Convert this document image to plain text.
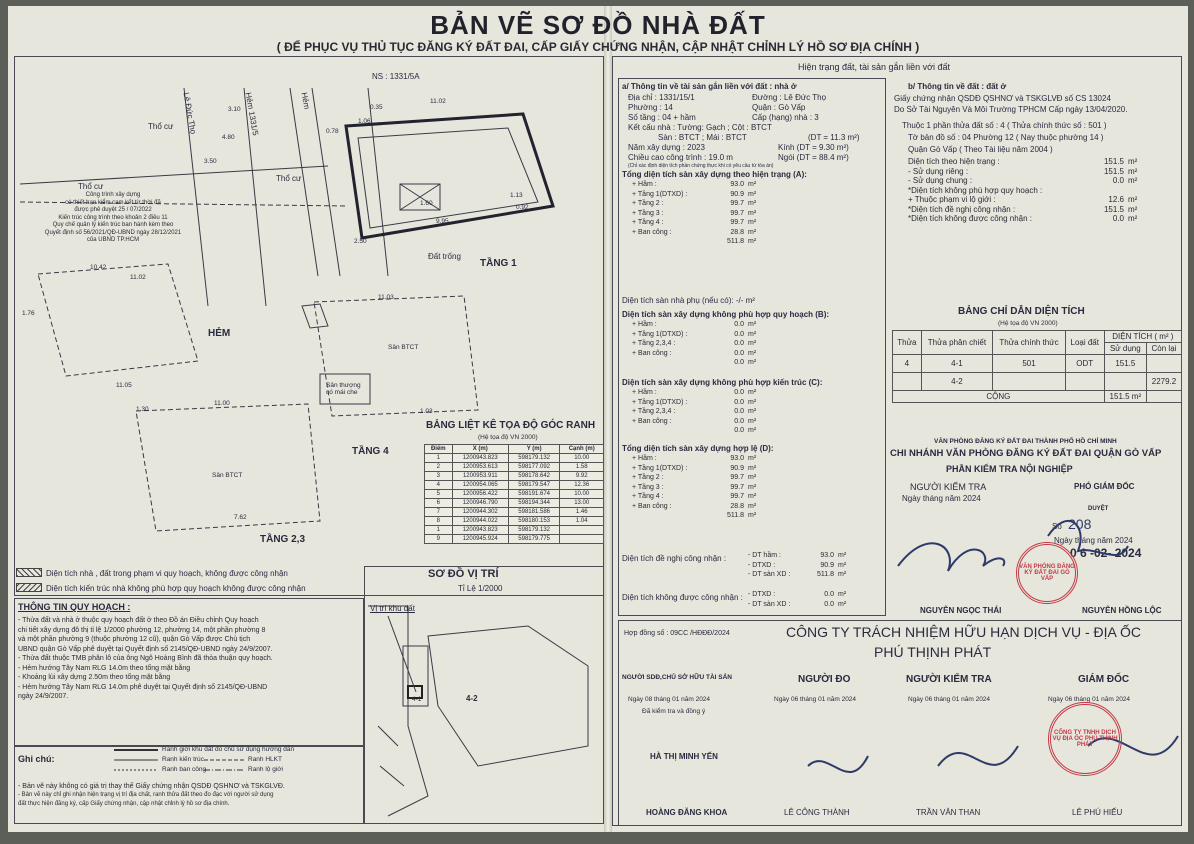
BẢN VẼ SƠ ĐỒ NHÀ ĐẤT
( ĐỂ PHỤC VỤ THỦ TỤC ĐĂNG KÝ ĐẤT ĐAI, CẤP GIẤY CHỨNG NHẬN, CẬP NHẬT CHỈNH LÝ HỒ SƠ ĐỊA CHÍNH )
NS : 1331/5A
Lê Đức Thọ	Hẻm 1331/5	Hẻm
Thổ cư
Thổ cư
Thổ cư
HẺM
Đất trống
TẦNG 1
TẦNG 4
TẦNG 2,3
Sân BTCT
Sân BTCT
Sân thượng
có mái che
Công trình xây dựng
có thiết hạn kiểm cam kết từ thời đã
được phê duyệt 25 / 07/2022
Kiến trúc công trình theo khoản 2 điều 11
Quy chế quản lý kiến trúc ban hành kèm theo
Quyết định số 56/2021/QĐ-UBND ngày 28/12/2021
của UBND TP.HCM
11.02
0.35
1.06
0.78
9.95
1.13
0.92
10.42
11.03
11.05
3.50
7.62
1.76
2.50
4.80
3.10
1.30	1.03
11.00
11.02
1.60
BẢNG LIỆT KÊ TỌA ĐỘ GÓC RANH
(Hệ tọa độ VN 2000)
Điểm	X (m)	Y (m)	Cạnh (m)
1	1200943.823	598179.132	10.00
2	1200953.613	598177.092	1.58
3	1200953.911	598178.642	9.92
4	1200954.065	598179.547	12.36
5	1200956.422	598191.674	10.00
6	1200946.790	598194.344	13.00
7	1200944.302	598181.586	1.46
8	1200944.022	598180.153	1.04
1	1200943.823	598179.132	
9	1200945.924	598179.775	
Diện tích nhà , đất trong phạm vi quy hoạch, không được công nhận
Diện tích kiến trúc nhà không phù hợp quy hoạch không được công nhận
THÔNG TIN QUY HOẠCH :
- Thửa đất và nhà ở thuộc quy hoạch đất ở theo Đồ án Điều chỉnh Quy hoạch
chi tiết xây dựng đô thị tỉ lệ 1/2000 phường 12, phường 14, một phần phường 8
và một phần phường 9 (thuộc phường 12 cũ), quận Gò Vấp được Chủ tịch
UBND quận Gò Vấp phê duyệt tại Quyết định số 2145/QĐ-UBND ngày 24/9/2007.
- Thửa đất thuộc TMB phân lô của ông Ngô Hoàng Bình đã thỏa thuận quy hoạch.
- Hẻm hướng Tây Nam RLG 14.0m theo tổng mặt bằng
- Khoảng lùi xây dựng 2.50m theo tổng mặt bằng
- Hẻm hướng Tây Nam RLG 14.0m phê duyệt tại Quyết định số 2145/QĐ-UBND
ngày 24/9/2007.
Ghi chú:
Ranh giới khu đất do chủ sử dụng hướng dẫn
Ranh kiến trúc	Ranh HLKT
Ranh ban công	Ranh lộ giới
- Bản vẽ này không có giá trị thay thế Giấy chứng nhận QSDĐ QSHNƠ và TSKGLVĐ.
- Bản vẽ này chỉ ghi nhận hiện trạng vị trí địa chất, ranh thửa đất theo đo đạc với người sử dụng
đất thực hiện đăng ký, cấp Giấy chứng nhận, cập nhật chỉnh lý hồ sơ địa chính.
SƠ ĐỒ VỊ TRÍ
Tỉ Lệ 1/2000
Vị trí khu đất
4-2
4-1
Hiện trạng đất, tài sản gắn liền với đất
a/ Thông tin về tài sản gắn liền với đất : nhà ở
Địa chỉ : 1331/15/1	Đường : Lê Đức Thọ
Phường : 14	Quận : Gò Vấp
Số tầng : 04 + hầm	Cấp (hạng) nhà : 3
Kết cấu nhà : Tường: Gạch ; Cột : BTCT
Sàn : BTCT ; Mái : BTCT	(DT = 11.3 m²)
Năm xây dựng : 2023	Kính (DT = 9.30 m²)
Chiều cao công trình : 19.0 m	Ngói (DT = 88.4 m²)
(Chỉ xác định diện tích phần chứng thực khi có yêu cầu từ tòa án)
Tổng diện tích sàn xây dựng theo hiện trạng (A):
+ Hầm :	93.0 m²
+ Tầng 1(DTXD) :	90.9 m²
+ Tầng 2 :	99.7 m²
+ Tầng 3 :	99.7 m²
+ Tầng 4 :	99.7 m²
+ Ban công :	28.8 m²
511.8 m²
Diện tích sàn nhà phụ (nếu có): -/- m²
Diện tích sàn xây dựng không phù hợp quy hoạch (B):
+ Hầm :	0.0 m²
+ Tầng 1(DTXD) :	0.0 m²
+ Tầng 2,3,4 :	0.0 m²
+ Ban công :	0.0 m²
0.0 m²
Diện tích sàn xây dựng không phù hợp kiến trúc (C):
+ Hầm :	0.0 m²
+ Tầng 1(DTXD) :	0.0 m²
+ Tầng 2,3,4 :	0.0 m²
+ Ban công :	0.0 m²
0.0 m²
Tổng diện tích sàn xây dựng hợp lệ (D):
+ Hầm :	93.0 m²
+ Tầng 1(DTXD) :	90.9 m²
+ Tầng 2 :	99.7 m²
+ Tầng 3 :	99.7 m²
+ Tầng 4 :	99.7 m²
+ Ban công :	28.8 m²
511.8 m²
Diện tích đề nghị công nhận :	- DT hầm :	93.0 m²
- DTXD :	90.9 m²
- DT sàn XD :	511.8 m²
Diện tích không được công nhận : - DTXD :	0.0 m²
- DT sàn XD :	0.0 m²
b/ Thông tin về đất : đất ở
Giấy chứng nhận QSDĐ QSHNƠ và TSKGLVĐ số CS 13024
Do Sở Tài Nguyên Và Môi Trường TPHCM Cấp ngày 13/04/2020.
Thuộc 1 phần thửa đất số : 4 ( Thửa chính thức số : 501 )
Tờ bản đồ số : 04 Phường 12 ( Nay thuộc phường 14 )
Quận Gò Vấp ( Theo Tài liệu năm 2004 )
Diện tích theo hiện trạng :	151.5 m²
- Sử dụng riêng :	151.5 m²
- Sử dụng chung :	0.0 m²
*Diện tích không phù hợp quy hoạch :
+ Thuộc phạm vi lộ giới :	12.6 m²
*Diện tích đề nghị công nhận :	151.5 m²
*Diện tích không được công nhận :	0.0 m²
BẢNG CHỈ DẪN DIỆN TÍCH
(Hệ tọa độ VN 2000)
Thửa	Thửa phân chiết	Thửa chính thức	Loại đất	DIỆN TÍCH ( m² )	
				Sử dụng	Còn lại
4	4-1	501	ODT	151.5	
	4-2				2279.2
CỘNG				151.5 m²	
VĂN PHÒNG ĐĂNG KÝ ĐẤT ĐAI THÀNH PHỐ HỒ CHÍ MINH
CHI NHÁNH VĂN PHÒNG ĐĂNG KÝ ĐẤT ĐAI QUẬN GÒ VẤP
PHẦN KIỂM TRA NỘI NGHIỆP
NGƯỜI KIỂM TRA	PHÓ GIÁM ĐỐC
Ngày tháng năm 2024
DUYỆT
Số 208
Ngày tháng năm 2024
0 6 -02- 2024
VĂN PHÒNG ĐĂNG KÝ ĐẤT ĐAI GÒ VẤP
NGUYỄN NGỌC THÁI	NGUYỄN HỒNG LỘC
Hợp đồng số : 09CC /HĐĐĐ/2024	CÔNG TY TRÁCH NHIỆM HỮU HẠN DỊCH VỤ - ĐỊA ỐC
PHÚ THỊNH PHÁT
NGƯỜI SDĐ,CHỦ SỞ HỮU TÀI SẢN	NGƯỜI ĐO	NGƯỜI KIỂM TRA	GIÁM ĐỐC
Ngày 08 tháng 01 năm 2024	Ngày 06 tháng 01 năm 2024	Ngày 06 tháng 01 năm 2024	Ngày 06 tháng 01 năm 2024
Đã kiểm tra và đồng ý
CÔNG TY TNHH DỊCH VỤ ĐỊA ỐC PHÚ THỊNH PHÁT
HÀ THỊ MINH YẾN
HOÀNG ĐĂNG KHOA	LÊ CÔNG THÀNH	TRẦN VĂN THAN	LÊ PHÚ HIẾU
